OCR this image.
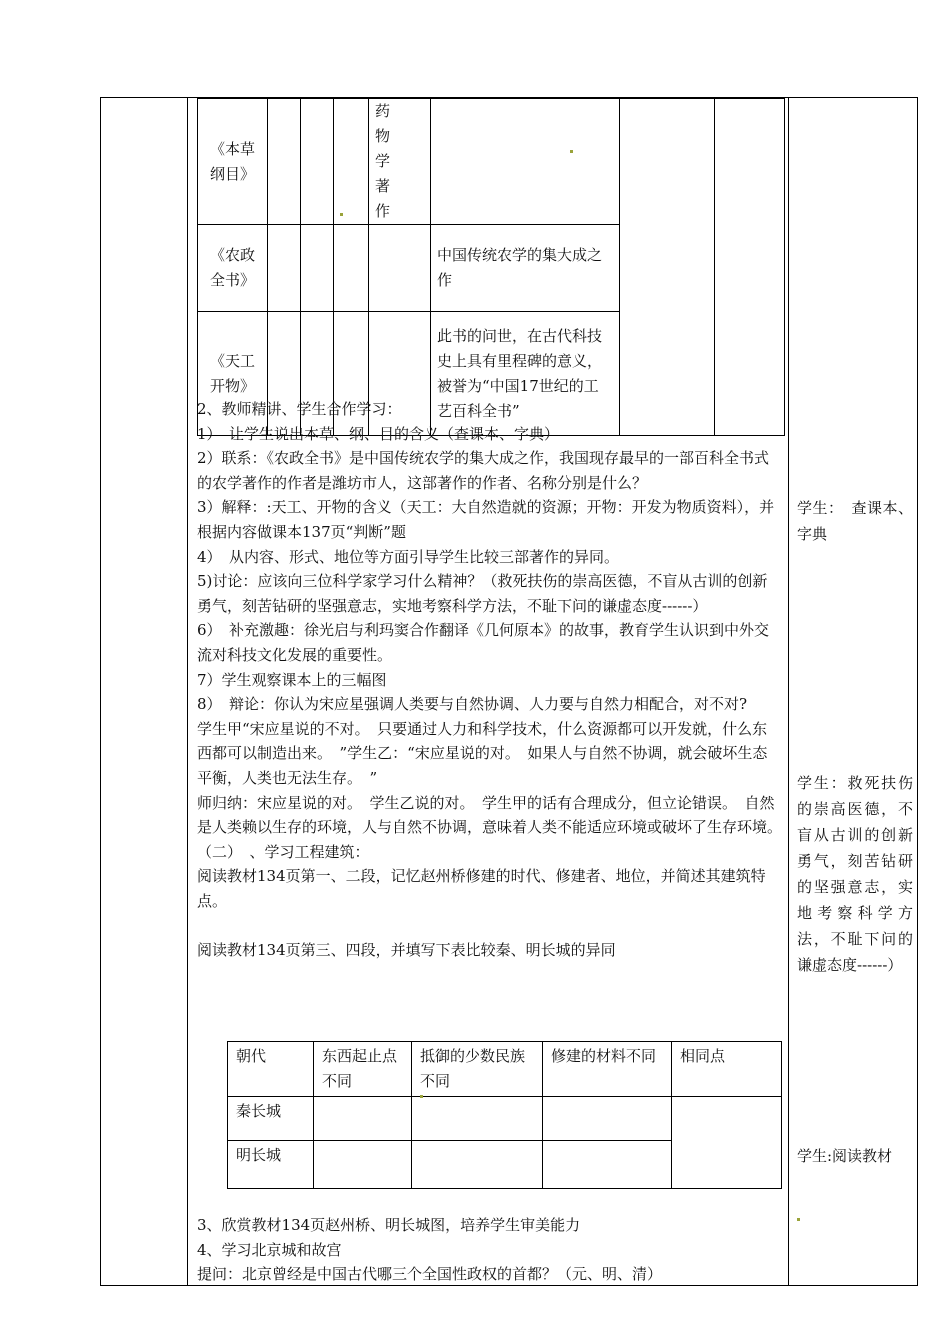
《本草纲目》				药物学著作			
《农政全书》					中国传统农学的集大成之作		
《天工开物》					此书的问世，在古代科技史上具有里程碑的意义，被誉为“中国17世纪的工艺百科全书”		

2、教师精讲、学生合作学习：

1）　让学生说出本草、纲、目的含义（查课本、字典）

2）联系：《农政全书》是中国传统农学的集大成之作，我国现存最早的一部百科全书式的农学著作的作者是潍坊市人，这部著作的作者、名称分别是什么？

3）解释：:天工、开物的含义（天工：大自然造就的资源；开物：开发为物质资料），并根据内容做课本137页“判断”题

4）　从内容、形式、地位等方面引导学生比较三部著作的异同。

5)讨论：应该向三位科学家学习什么精神？（救死扶伤的崇高医德，不盲从古训的创新勇气，刻苦钻研的坚强意志，实地考察科学方法，不耻下问的谦虚态度------）

6）　补充激趣：徐光启与利玛窦合作翻译《几何原本》的故事，教育学生认识到中外交流对科技文化发展的重要性。

7）学生观察课本上的三幅图

8）　辩论：你认为宋应星强调人类要与自然协调、人力要与自然力相配合，对不对?

学生甲“宋应星说的不对。　只要通过人力和科学技术，什么资源都可以开发就，什么东西都可以制造出来。　”学生乙：“宋应星说的对。　如果人与自然不协调，就会破坏生态平衡，人类也无法生存。　”

师归纳：宋应星说的对。　学生乙说的对。　学生甲的话有合理成分，但立论错误。　自然是人类赖以生存的环境，人与自然不协调，意味着人类不能适应环境或破坏了生存环境。

（二）　、学习工程建筑：

阅读教材134页第一、二段，记忆赵州桥修建的时代、修建者、地位，并简述其建筑特点。

阅读教材134页第三、四段，并填写下表比较秦、明长城的异同

朝代	东西起止点不同	抵御的少数民族不同	修建的材料不同	相同点
秦长城				
明长城				

3、欣赏教材134页赵州桥、明长城图，培养学生审美能力

4、学习北京城和故宫

提问：北京曾经是中国古代哪三个全国性政权的首都？（元、明、清）

学生：　查课本、字典
学生：救死扶伤的崇高医德，不盲从古训的创新勇气，刻苦钻研的坚强意志，实地考察科学方法，不耻下问的谦虚态度------）
学生:阅读教材
